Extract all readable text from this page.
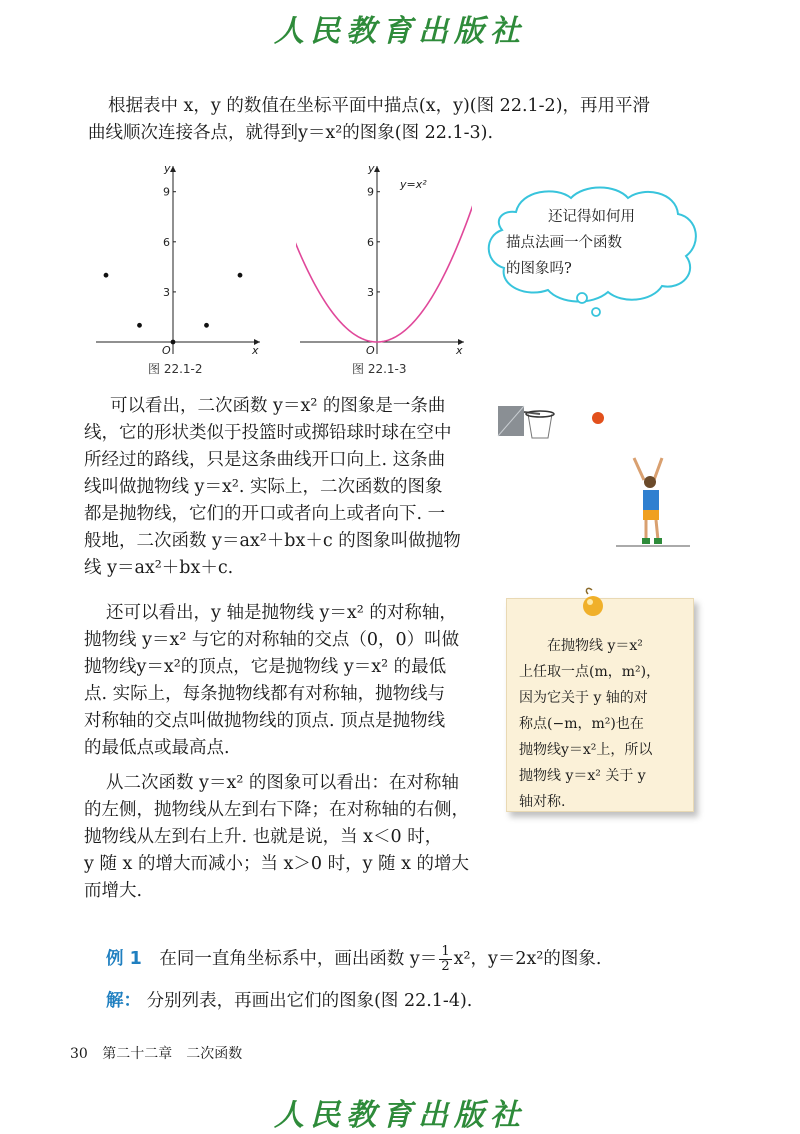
人民教育出版社
根据表中 x，y 的数值在坐标平面中描点(x，y)(图 22.1-2)，再用平滑
曲线顺次连接各点，就得到y＝x²的图象(图 22.1-3).
3
6
9
x
y
O
图 22.1-2
3
6
9
y=x²
x
y
O
图 22.1-3
还记得如何用
描点法画一个函数
的图象吗?
可以看出，二次函数 y＝x² 的图象是一条曲
线，它的形状类似于投篮时或掷铅球时球在空中
所经过的路线，只是这条曲线开口向上. 这条曲
线叫做抛物线 y＝x². 实际上，二次函数的图象
都是抛物线，它们的开口或者向上或者向下. 一
般地，二次函数 y＝ax²＋bx＋c 的图象叫做抛物
线 y＝ax²＋bx＋c.
还可以看出，y 轴是抛物线 y＝x² 的对称轴，
抛物线 y＝x² 与它的对称轴的交点（0，0）叫做
抛物线y＝x²的顶点，它是抛物线 y＝x² 的最低
点. 实际上，每条抛物线都有对称轴，抛物线与
对称轴的交点叫做抛物线的顶点. 顶点是抛物线
的最低点或最高点.
从二次函数 y＝x² 的图象可以看出：在对称轴
的左侧，抛物线从左到右下降；在对称轴的右侧，
抛物线从左到右上升. 也就是说，当 x＜0 时，
y 随 x 的增大而减小；当 x＞0 时，y 随 x 的增大
而增大.
在抛物线 y＝x²
上任取一点(m，m²)，
因为它关于 y 轴的对
称点(−m，m²)也在
抛物线y＝x²上，所以
抛物线 y＝x² 关于 y
轴对称.
例 1 在同一直角坐标系中，画出函数 $y= \frac{1}{2} x^2$，y＝2x²的图象.
解： 分别列表，再画出它们的图象(图 22.1-4).
30 第二十二章　二次函数
人民教育出版社
